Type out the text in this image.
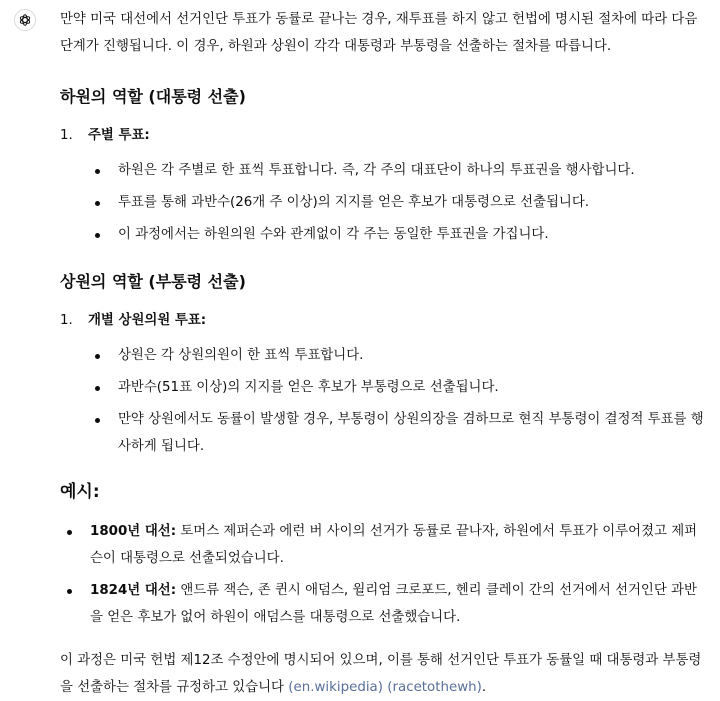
만약 미국 대선에서 선거인단 투표가 동률로 끝나는 경우, 재투표를 하지 않고 헌법에 명시된 절차에 따라 다음 단계가 진행됩니다. 이 경우, 하원과 상원이 각각 대통령과 부통령을 선출하는 절차를 따릅니다.

하원의 역할 (대통령 선출)
1. 주별 투표:
하원은 각 주별로 한 표씩 투표합니다. 즉, 각 주의 대표단이 하나의 투표권을 행사합니다.
투표를 통해 과반수(26개 주 이상)의 지지를 얻은 후보가 대통령으로 선출됩니다.
이 과정에서는 하원의원 수와 관계없이 각 주는 동일한 투표권을 가집니다.
상원의 역할 (부통령 선출)
1. 개별 상원의원 투표:
상원은 각 상원의원이 한 표씩 투표합니다.
과반수(51표 이상)의 지지를 얻은 후보가 부통령으로 선출됩니다.
만약 상원에서도 동률이 발생할 경우, 부통령이 상원의장을 겸하므로 현직 부통령이 결정적 투표를 행사하게 됩니다.
예시:
1800년 대선: 토머스 제퍼슨과 에런 버 사이의 선거가 동률로 끝나자, 하원에서 투표가 이루어졌고 제퍼슨이 대통령으로 선출되었습니다.
1824년 대선: 앤드류 잭슨, 존 퀸시 애덤스, 윌리엄 크로포드, 헨리 클레이 간의 선거에서 선거인단 과반을 얻은 후보가 없어 하원이 애덤스를 대통령으로 선출했습니다.

이 과정은 미국 헌법 제12조 수정안에 명시되어 있으며, 이를 통해 선거인단 투표가 동률일 때 대통령과 부통령을 선출하는 절차를 규정하고 있습니다 (en.wikipedia) (racetothewh).
